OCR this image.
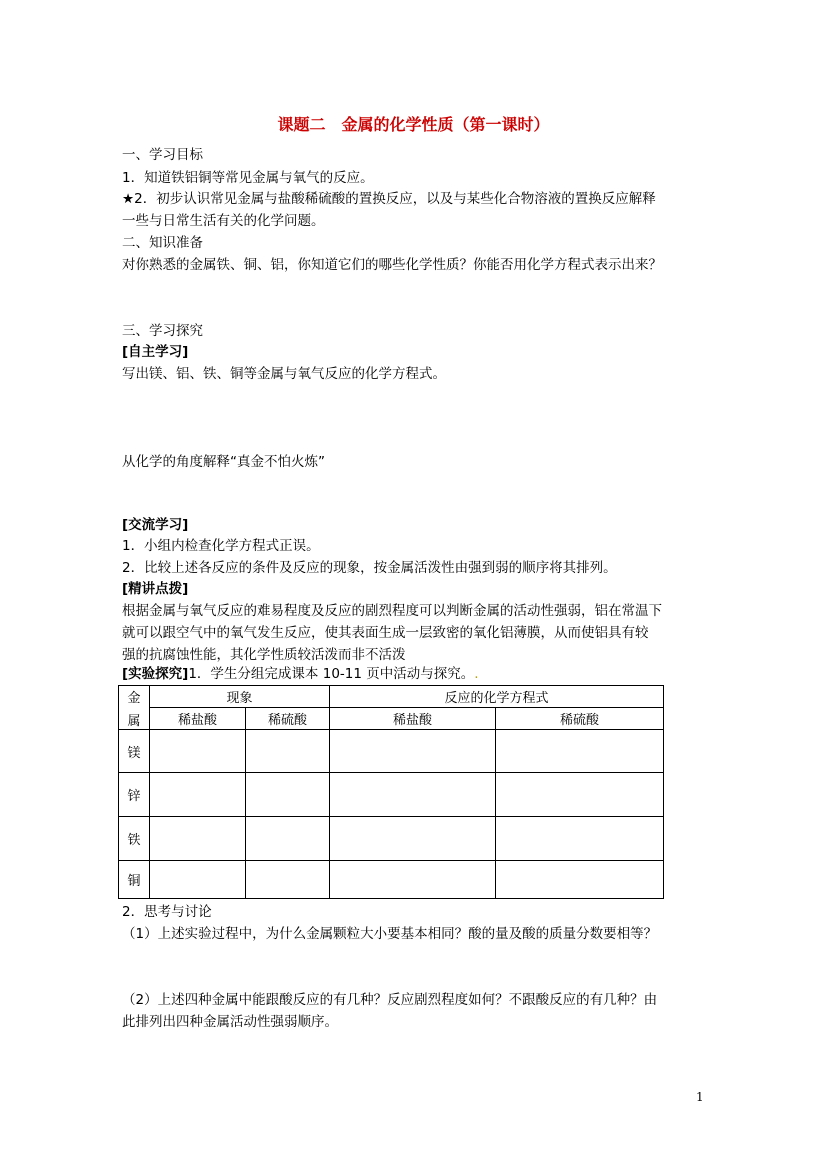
课题二　金属的化学性质（第一课时）
一、学习目标
1．知道铁铝铜等常见金属与氧气的反应。
★2．初步认识常见金属与盐酸稀硫酸的置换反应，以及与某些化合物溶液的置换反应解释
一些与日常生活有关的化学问题。
二、知识准备
对你熟悉的金属铁、铜、铝，你知道它们的哪些化学性质？你能否用化学方程式表示出来？
三、学习探究
[自主学习]
写出镁、铝、铁、铜等金属与氧气反应的化学方程式。
从化学的角度解释“真金不怕火炼”
[交流学习]
1．小组内检查化学方程式正误。
2．比较上述各反应的条件及反应的现象，按金属活泼性由强到弱的顺序将其排列。
[精讲点拨]
根据金属与氧气反应的难易程度及反应的剧烈程度可以判断金属的活动性强弱，铝在常温下
就可以跟空气中的氧气发生反应，使其表面生成一层致密的氧化铝薄膜，从而使铝具有较
强的抗腐蚀性能，其化学性质较活泼而非不活泼
[实验探究]1．学生分组完成课本 10-11 页中活动与探究。.
金
属	现象		反应的化学方程式	
	稀盐酸	稀硫酸	稀盐酸	稀硫酸
镁				
锌				
铁				
铜				
2．思考与讨论
（1）上述实验过程中，为什么金属颗粒大小要基本相同？酸的量及酸的质量分数要相等？
（2）上述四种金属中能跟酸反应的有几种？反应剧烈程度如何？不跟酸反应的有几种？由
此排列出四种金属活动性强弱顺序。
1
